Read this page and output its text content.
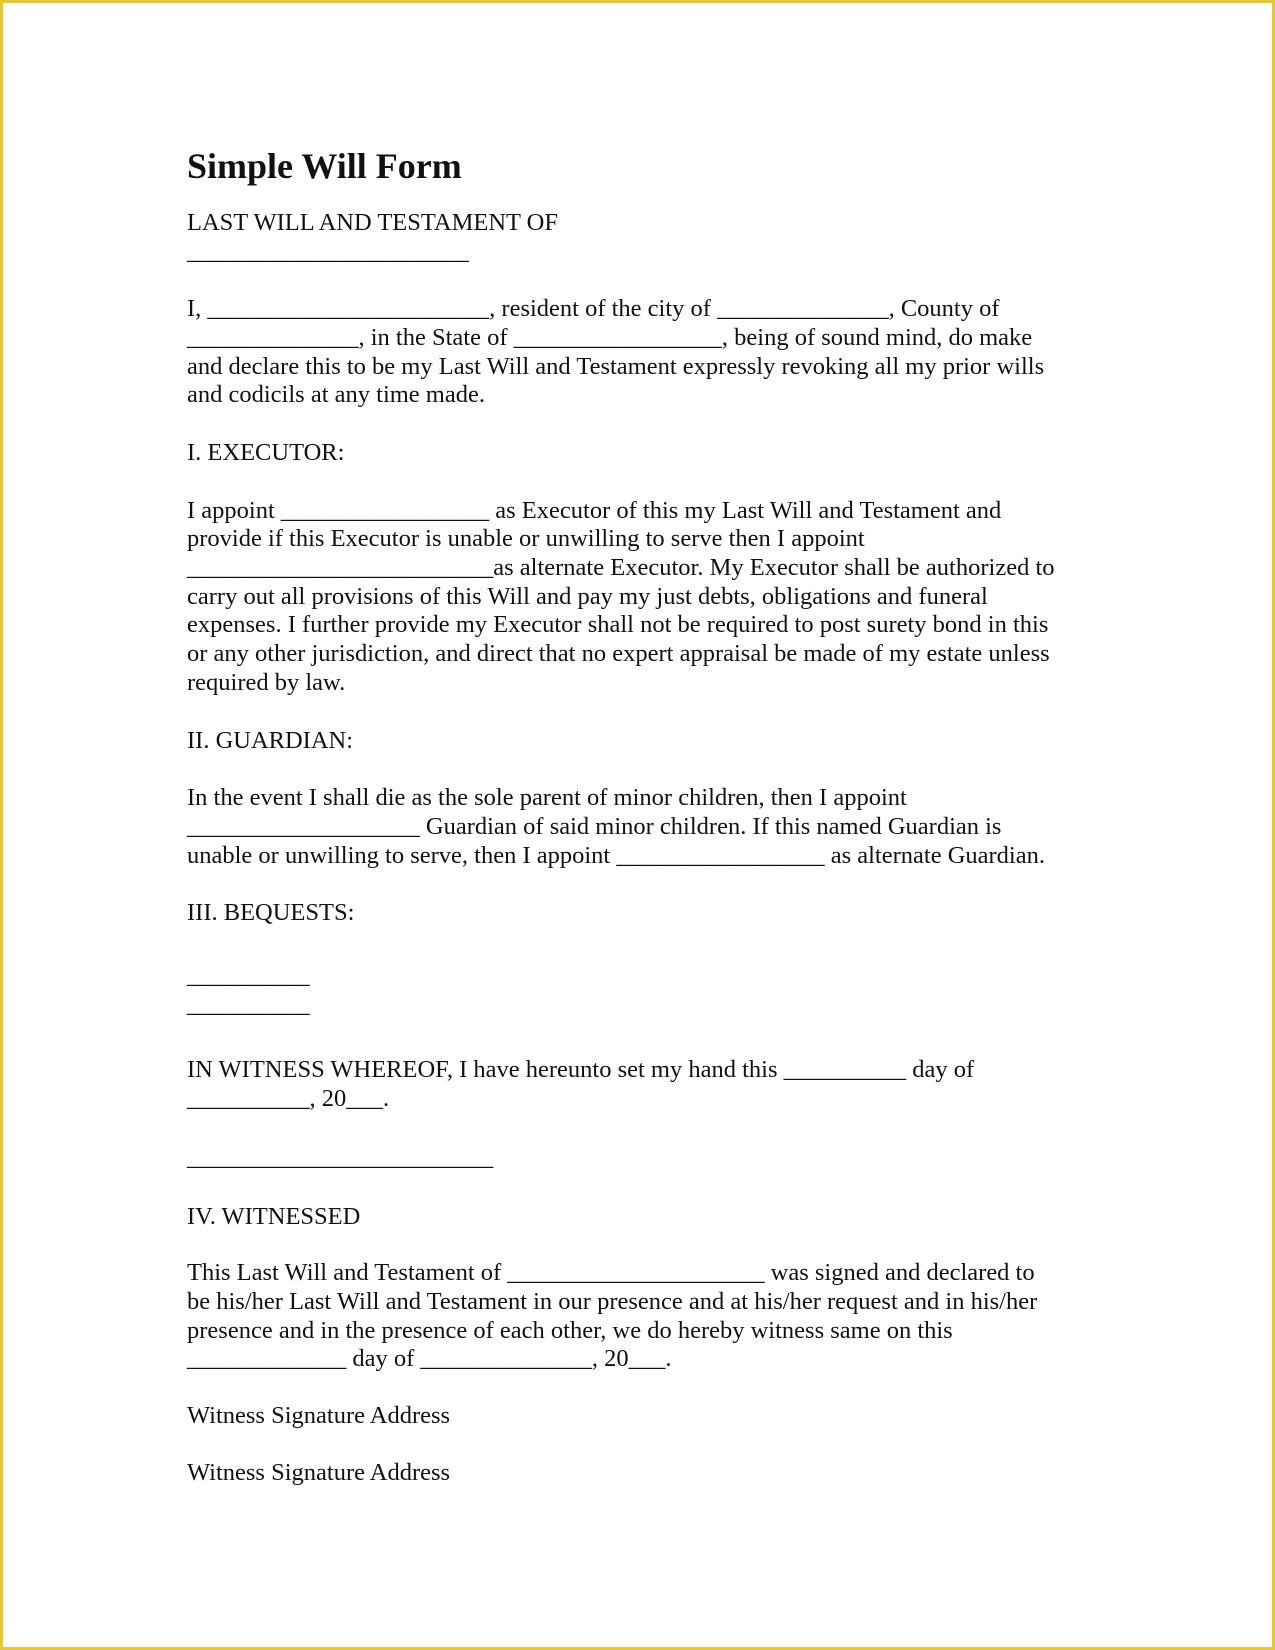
Simple Will Form

LAST WILL AND TESTAMENT OF

_______________________

I, _______________________, resident of the city of ______________, County of
______________, in the State of _________________, being of sound mind, do make
and declare this to be my Last Will and Testament expressly revoking all my prior wills
and codicils at any time made.

I. EXECUTOR:

I appoint _________________ as Executor of this my Last Will and Testament and
provide if this Executor is unable or unwilling to serve then I appoint
_________________________as alternate Executor. My Executor shall be authorized to
carry out all provisions of this Will and pay my just debts, obligations and funeral
expenses. I further provide my Executor shall not be required to post surety bond in this
or any other jurisdiction, and direct that no expert appraisal be made of my estate unless
required by law.

II. GUARDIAN:

In the event I shall die as the sole parent of minor children, then I appoint
___________________ Guardian of said minor children. If this named Guardian is
unable or unwilling to serve, then I appoint _________________ as alternate Guardian.

III. BEQUESTS:

__________

__________

IN WITNESS WHEREOF, I have hereunto set my hand this __________ day of
__________, 20___.

_________________________

IV. WITNESSED

This Last Will and Testament of _____________________ was signed and declared to
be his/her Last Will and Testament in our presence and at his/her request and in his/her
presence and in the presence of each other, we do hereby witness same on this
_____________ day of ______________, 20___.

Witness Signature Address

Witness Signature Address
